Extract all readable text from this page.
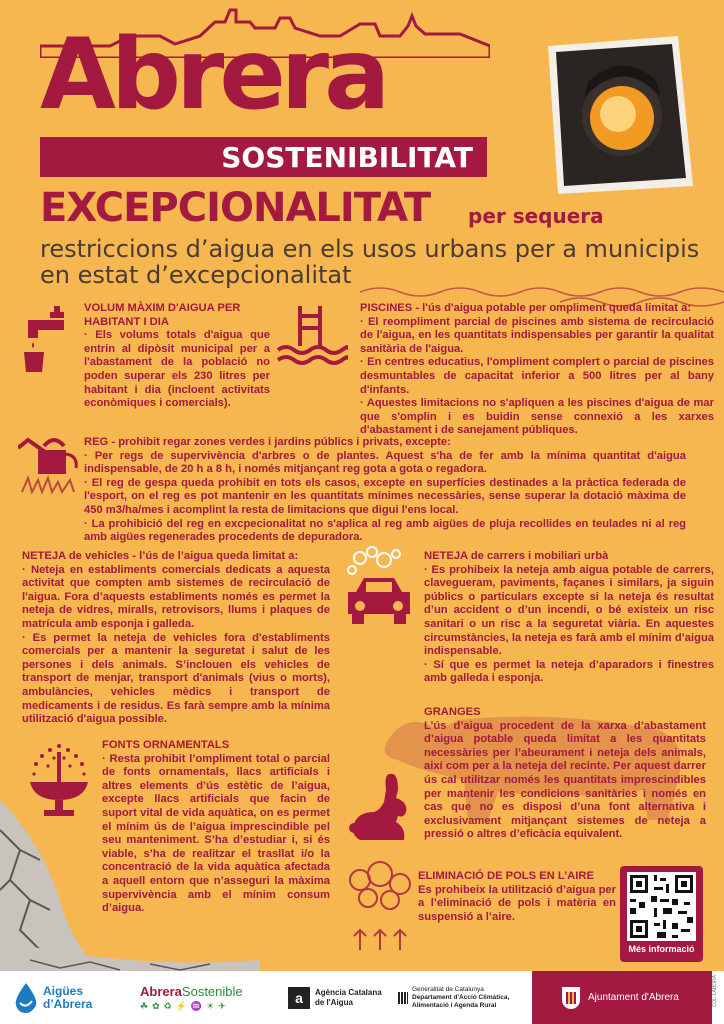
Abrera
SOSTENIBILITAT
EXCEPCIONALITAT per sequera
restriccions d’aigua en els usos urbans per a municipis en estat d’excepcionalitat

VOLUM MÀXIM D'AIGUA PER HABITANT I DIA

· Els volums totals d'aigua que entrin al dipòsit municipal per a l'abastament de la població no poden superar els 230 litres per habitant i dia (incloent activitats econòmiques i comercials).

PISCINES - l'ús d'aigua potable per ompliment queda limitat a:

· El reompliment parcial de piscines amb sistema de recirculació de l'aigua, en les quantitats indispensables per garantir la qualitat sanitària de l'aigua.

· En centres educatius, l'ompliment complert o parcial de piscines desmuntables de capacitat inferior a 500 litres per al bany d'infants.

· Aquestes limitacions no s'apliquen a les piscines d'aigua de mar que s'omplin i es buidin sense connexió a les xarxes d'abastament i de sanejament públiques.

REG - prohibit regar zones verdes i jardins públics i privats, excepte:

· Per regs de supervivència d'arbres o de plantes. Aquest s'ha de fer amb la mínima quantitat d'aigua indispensable, de 20 h a 8 h, i només mitjançant reg gota a gota o regadora.

· El reg de gespa queda prohibit en tots els casos, excepte en superfícies destinades a la pràctica federada de l'esport, on el reg es pot mantenir en les quantitats mínimes necessàries, sense superar la dotació màxima de 450 m3/ha/mes i acomplint la resta de limitacions que digui l'ens local.

· La prohibició del reg en excpecionalitat no s'aplica al reg amb aigües de pluja recollides en teulades ni al reg amb aigües regenerades procedents de depuradora.

NETEJA de vehicles - l’ús de l’aigua queda limitat a:

· Neteja en establiments comercials dedicats a aquesta activitat que compten amb sistemes de recirculació de l'aigua. Fora d’aquests establiments només es permet la neteja de vidres, miralls, retrovisors, llums i plaques de matrícula amb esponja i galleda.

· Es permet la neteja de vehicles fora d'establiments comercials per a mantenir la seguretat i salut de les persones i dels animals. S’inclouen els vehicles de transport de menjar, transport d'animals (vius o morts), ambulàncies, vehicles mèdics i transport de medicaments i de residus. Es farà sempre amb la mínima utilització d'aigua possible.

NETEJA de carrers i mobiliari urbà

· Es prohibeix la neteja amb aigua potable de carrers, clavegueram, paviments, façanes i similars, ja siguin públics o particulars excepte si la neteja és resultat d’un accident o d’un incendi, o bé existeix un risc sanitari o un risc a la seguretat viària. En aquestes circumstàncies, la neteja es farà amb el mínim d’aigua indispensable.

· Sí que es permet la neteja d’aparadors i finestres amb galleda i esponja.

FONTS ORNAMENTALS

· Resta prohibit l’ompliment total o parcial de fonts ornamentals, llacs artificials i altres elements d’ús estètic de l’aigua, excepte llacs artificials que facin de suport vital de vida aquàtica, on es permet el mínim ús de l’aigua imprescindible pel seu manteniment. S’ha d’estudiar i, si és viable, s’ha de realitzar el trasllat i/o la concentració de la vida aquàtica afectada a aquell entorn que n’asseguri la màxima supervivència amb el mínim consum d’aigua.

GRANGES

L’ús d’aigua procedent de la xarxa d’abastament d’aigua potable queda limitat a les quantitats necessàries per l’abeurament i neteja dels animals, així com per a la neteja del recinte. Per aquest darrer ús cal utilitzar només les quantitats imprescindibles per mantenir les condicions sanitàries i només en cas que no es disposi d’una font alternativa i exclusivament mitjançant sistemes de neteja a pressió o altres d’eficàcia equivalent.

ELIMINACIÓ DE POLS EN L’AIRE

Es prohibeix la utilització d’aigua per a l’eliminació de pols i matèria en suspensió a l’aire.

Més informació
Aigües
d’Abrera
AbreraSostenible
☘✿♻⚡♒☀✈	a	Agència Catalana
de l'Aigua
Generalitat de Catalunya
Departament d'Acció Climàtica,
Alimentació i Agenda Rural
Ajuntament d'Abrera	COL·LABORA
